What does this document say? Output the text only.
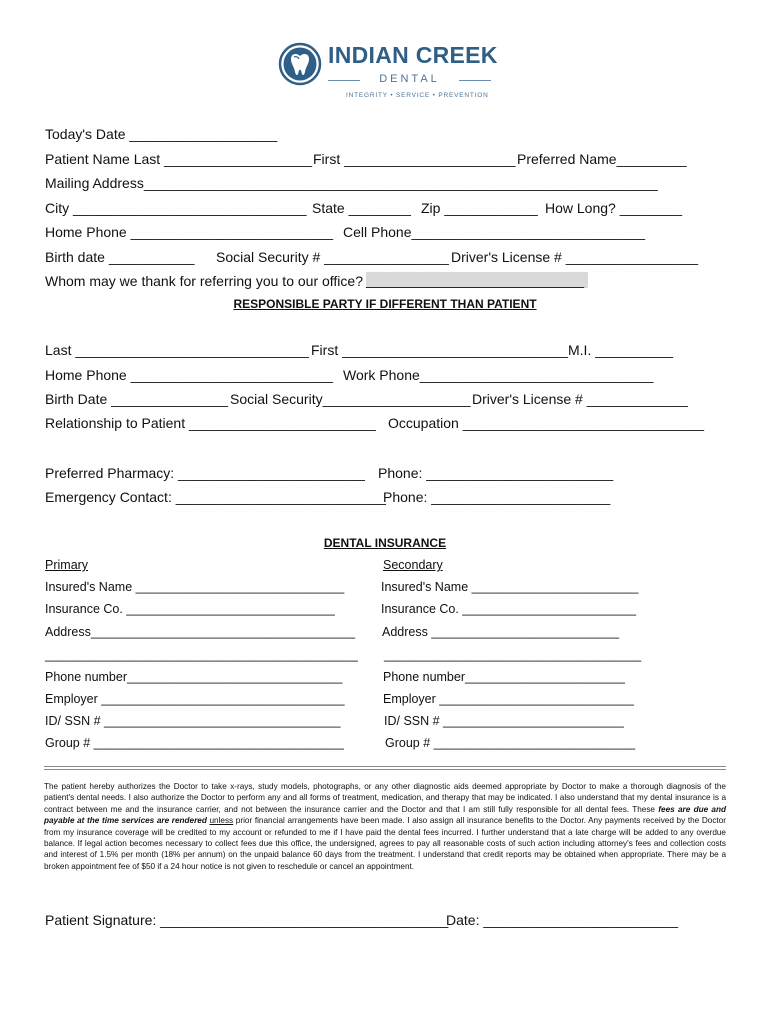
INDIAN CREEK
DENTAL
INTEGRITY • SERVICE • PREVENTION
Today's Date ___________________
Patient Name Last ___________________ First ______________________ Preferred Name_________
Mailing Address__________________________________________________________________
City ______________________________ State ________ Zip ____________ How Long? ________
Home Phone __________________________ Cell Phone______________________________
Birth date ___________ Social Security # ________________ Driver's License # _________________
Whom may we thank for referring you to our office? ____________________________
RESPONSIBLE PARTY IF DIFFERENT THAN PATIENT
Last ______________________________ First _____________________________ M.I. __________
Home Phone __________________________ Work Phone______________________________
Birth Date _______________ Social Security___________________ Driver's License # _____________
Relationship to Patient ________________________ Occupation _______________________________
Preferred Pharmacy: ________________________ Phone: ________________________
Emergency Contact: ___________________________
Phone: _______________________
DENTAL INSURANCE
Primary	Secondary
Insured's Name ______________________________	Insured's Name ________________________
Insurance Co. ______________________________	Insurance Co. _________________________
Address______________________________________ Address ___________________________
_____________________________________________ _____________________________________
Phone number_______________________________	Phone number_______________________
Employer ___________________________________	Employer ____________________________
ID/ SSN # __________________________________	ID/ SSN # __________________________
Group # ____________________________________	Group # _____________________________
The patient hereby authorizes the Doctor to take x-rays, study models, photographs, or any other diagnostic aids deemed appropriate by Doctor to make a thorough diagnosis of the patient's dental needs. I also authorize the Doctor to perform any and all forms of treatment, medication, and therapy that may be indicated. I also understand that my dental insurance is a contract between me and the insurance carrier, and not between the insurance carrier and the Doctor and that I am still fully responsible for all dental fees. These fees are due and payable at the time services are rendered unless prior financial arrangements have been made. I also assign all insurance benefits to the Doctor. Any payments received by the Doctor from my insurance coverage will be credited to my account or refunded to me if I have paid the dental fees incurred. I further understand that a late charge will be added to any overdue balance. If legal action becomes necessary to collect fees due this office, the undersigned, agrees to pay all reasonable costs of such action including attorney's fees and collection costs and interest of 1.5% per month (18% per annum) on the unpaid balance 60 days from the treatment. I understand that credit reports may be obtained when appropriate. There may be a broken appointment fee of $50 if a 24 hour notice is not given to reschedule or cancel an appointment.
Patient Signature: _____________________________________
Date: _________________________
